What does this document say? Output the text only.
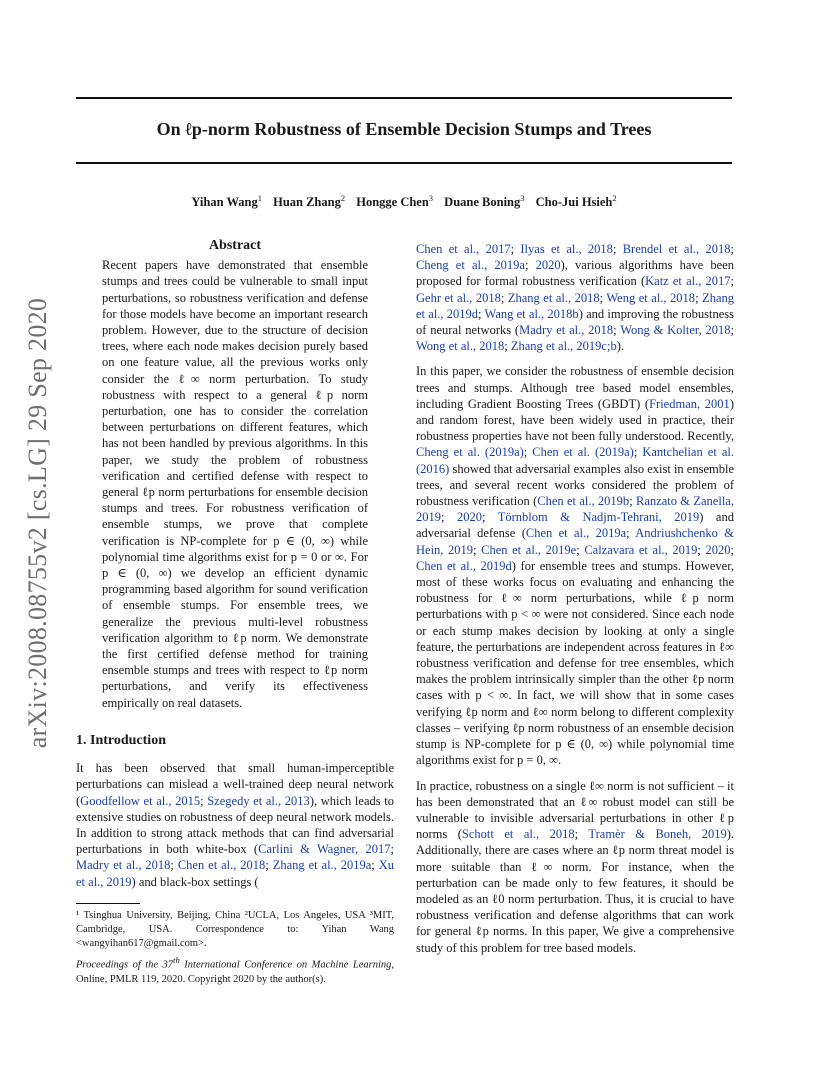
On ℓp-norm Robustness of Ensemble Decision Stumps and Trees
Yihan Wang$^1$ Huan Zhang$^2$ Hongge Chen$^3$ Duane Boning$^3$ Cho-Jui Hsieh$^2$
arXiv:2008.08755v2 [cs.LG] 29 Sep 2020
Abstract
Recent papers have demonstrated that ensemble stumps and trees could be vulnerable to small input perturbations, so robustness verification and defense for those models have become an important research problem. However, due to the structure of decision trees, where each node makes decision purely based on one feature value, all the previous works only consider the ℓ∞ norm perturbation. To study robustness with respect to a general ℓp norm perturbation, one has to consider the correlation between perturbations on different features, which has not been handled by previous algorithms. In this paper, we study the problem of robustness verification and certified defense with respect to general ℓp norm perturbations for ensemble decision stumps and trees. For robustness verification of ensemble stumps, we prove that complete verification is NP-complete for p ∈ (0, ∞) while polynomial time algorithms exist for p = 0 or ∞. For p ∈ (0, ∞) we develop an efficient dynamic programming based algorithm for sound verification of ensemble stumps. For ensemble trees, we generalize the previous multi-level robustness verification algorithm to ℓp norm. We demonstrate the first certified defense method for training ensemble stumps and trees with respect to ℓp norm perturbations, and verify its effectiveness empirically on real datasets.
1. Introduction
It has been observed that small human-imperceptible perturbations can mislead a well-trained deep neural network (Goodfellow et al., 2015; Szegedy et al., 2013), which leads to extensive studies on robustness of deep neural network models. In addition to strong attack methods that can find adversarial perturbations in both white-box (Carlini & Wagner, 2017; Madry et al., 2018; Chen et al., 2018; Zhang et al., 2019a; Xu et al., 2019) and black-box settings (

¹ Tsinghua University, Beijing, China ²UCLA, Los Angeles, USA ³MIT, Cambridge, USA. Correspondence to: Yihan Wang <wangyihan617@gmail.com>.

Proceedings of the 37th International Conference on Machine Learning, Online, PMLR 119, 2020. Copyright 2020 by the author(s).

Chen et al., 2017; Ilyas et al., 2018; Brendel et al., 2018; Cheng et al., 2019a; 2020), various algorithms have been proposed for formal robustness verification (Katz et al., 2017; Gehr et al., 2018; Zhang et al., 2018; Weng et al., 2018; Zhang et al., 2019d; Wang et al., 2018b) and improving the robustness of neural networks (Madry et al., 2018; Wong & Kolter, 2018; Wong et al., 2018; Zhang et al., 2019c;b).
In this paper, we consider the robustness of ensemble decision trees and stumps. Although tree based model ensembles, including Gradient Boosting Trees (GBDT) (Friedman, 2001) and random forest, have been widely used in practice, their robustness properties have not been fully understood. Recently, Cheng et al. (2019a); Chen et al. (2019a); Kantchelian et al. (2016) showed that adversarial examples also exist in ensemble trees, and several recent works considered the problem of robustness verification (Chen et al., 2019b; Ranzato & Zanella, 2019; 2020; Törnblom & Nadjm-Tehrani, 2019) and adversarial defense (Chen et al., 2019a; Andriushchenko & Hein, 2019; Chen et al., 2019e; Calzavara et al., 2019; 2020; Chen et al., 2019d) for ensemble trees and stumps. However, most of these works focus on evaluating and enhancing the robustness for ℓ∞ norm perturbations, while ℓp norm perturbations with p < ∞ were not considered. Since each node or each stump makes decision by looking at only a single feature, the perturbations are independent across features in ℓ∞ robustness verification and defense for tree ensembles, which makes the problem intrinsically simpler than the other ℓp norm cases with p < ∞. In fact, we will show that in some cases verifying ℓp norm and ℓ∞ norm belong to different complexity classes – verifying ℓp norm robustness of an ensemble decision stump is NP-complete for p ∈ (0, ∞) while polynomial time algorithms exist for p = 0, ∞.
In practice, robustness on a single ℓ∞ norm is not sufficient – it has been demonstrated that an ℓ∞ robust model can still be vulnerable to invisible adversarial perturbations in other ℓp norms (Schott et al., 2018; Tramèr & Boneh, 2019). Additionally, there are cases where an ℓp norm threat model is more suitable than ℓ∞ norm. For instance, when the perturbation can be made only to few features, it should be modeled as an ℓ0 norm perturbation. Thus, it is crucial to have robustness verification and defense algorithms that can work for general ℓp norms. In this paper, We give a comprehensive study of this problem for tree based models.
